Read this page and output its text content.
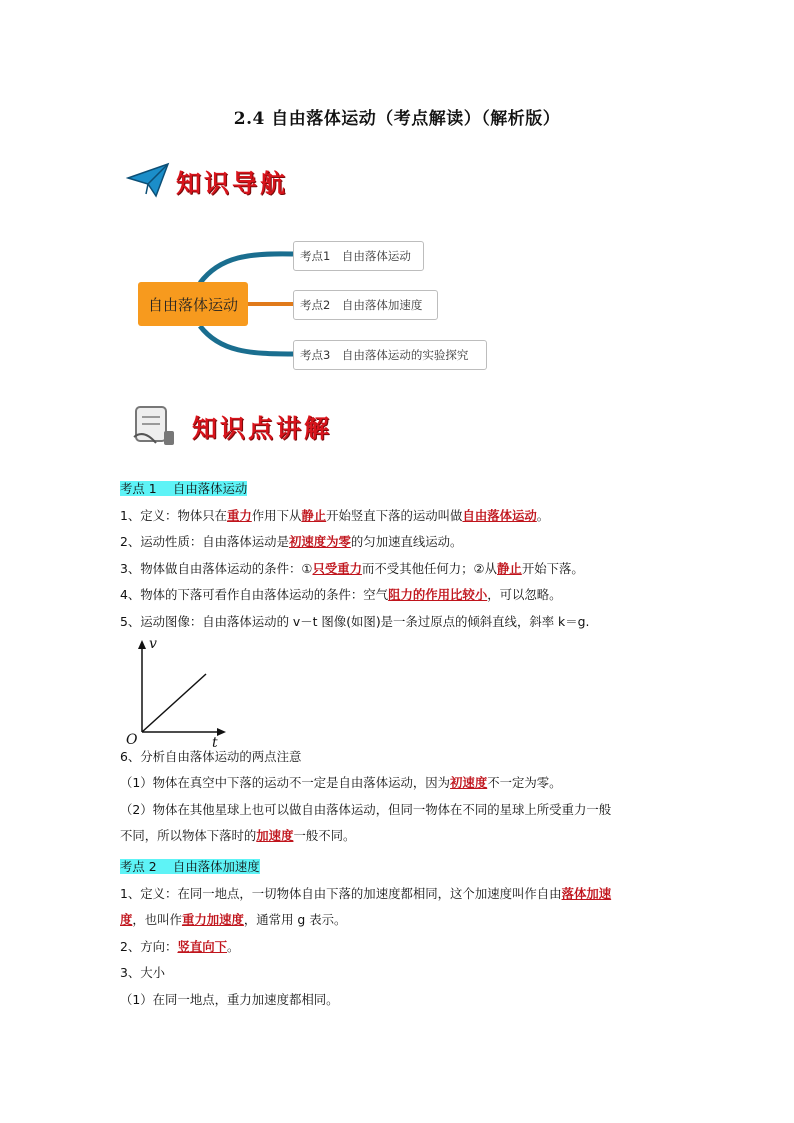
2.4 自由落体运动（考点解读）（解析版）
知识导航
自由落体运动
考点1　自由落体运动
考点2　自由落体加速度
考点3　自由落体运动的实验探究
知识点讲解
考点 1　 自由落体运动
1、定义：物体只在重力作用下从静止开始竖直下落的运动叫做自由落体运动。
2、运动性质：自由落体运动是初速度为零的匀加速直线运动。
3、物体做自由落体运动的条件：①只受重力而不受其他任何力；②从静止开始下落。
4、物体的下落可看作自由落体运动的条件：空气阻力的作用比较小，可以忽略。
5、运动图像：自由落体运动的 v－t 图像(如图)是一条过原点的倾斜直线，斜率 k＝g.
v
t
O
6、分析自由落体运动的两点注意
（1）物体在真空中下落的运动不一定是自由落体运动，因为初速度不一定为零。
（2）物体在其他星球上也可以做自由落体运动，但同一物体在不同的星球上所受重力一般
不同，所以物体下落时的加速度一般不同。
考点 2　 自由落体加速度
1、定义：在同一地点，一切物体自由下落的加速度都相同，这个加速度叫作自由落体加速
度，也叫作重力加速度，通常用 g 表示。
2、方向：竖直向下。
3、大小
（1）在同一地点，重力加速度都相同。
